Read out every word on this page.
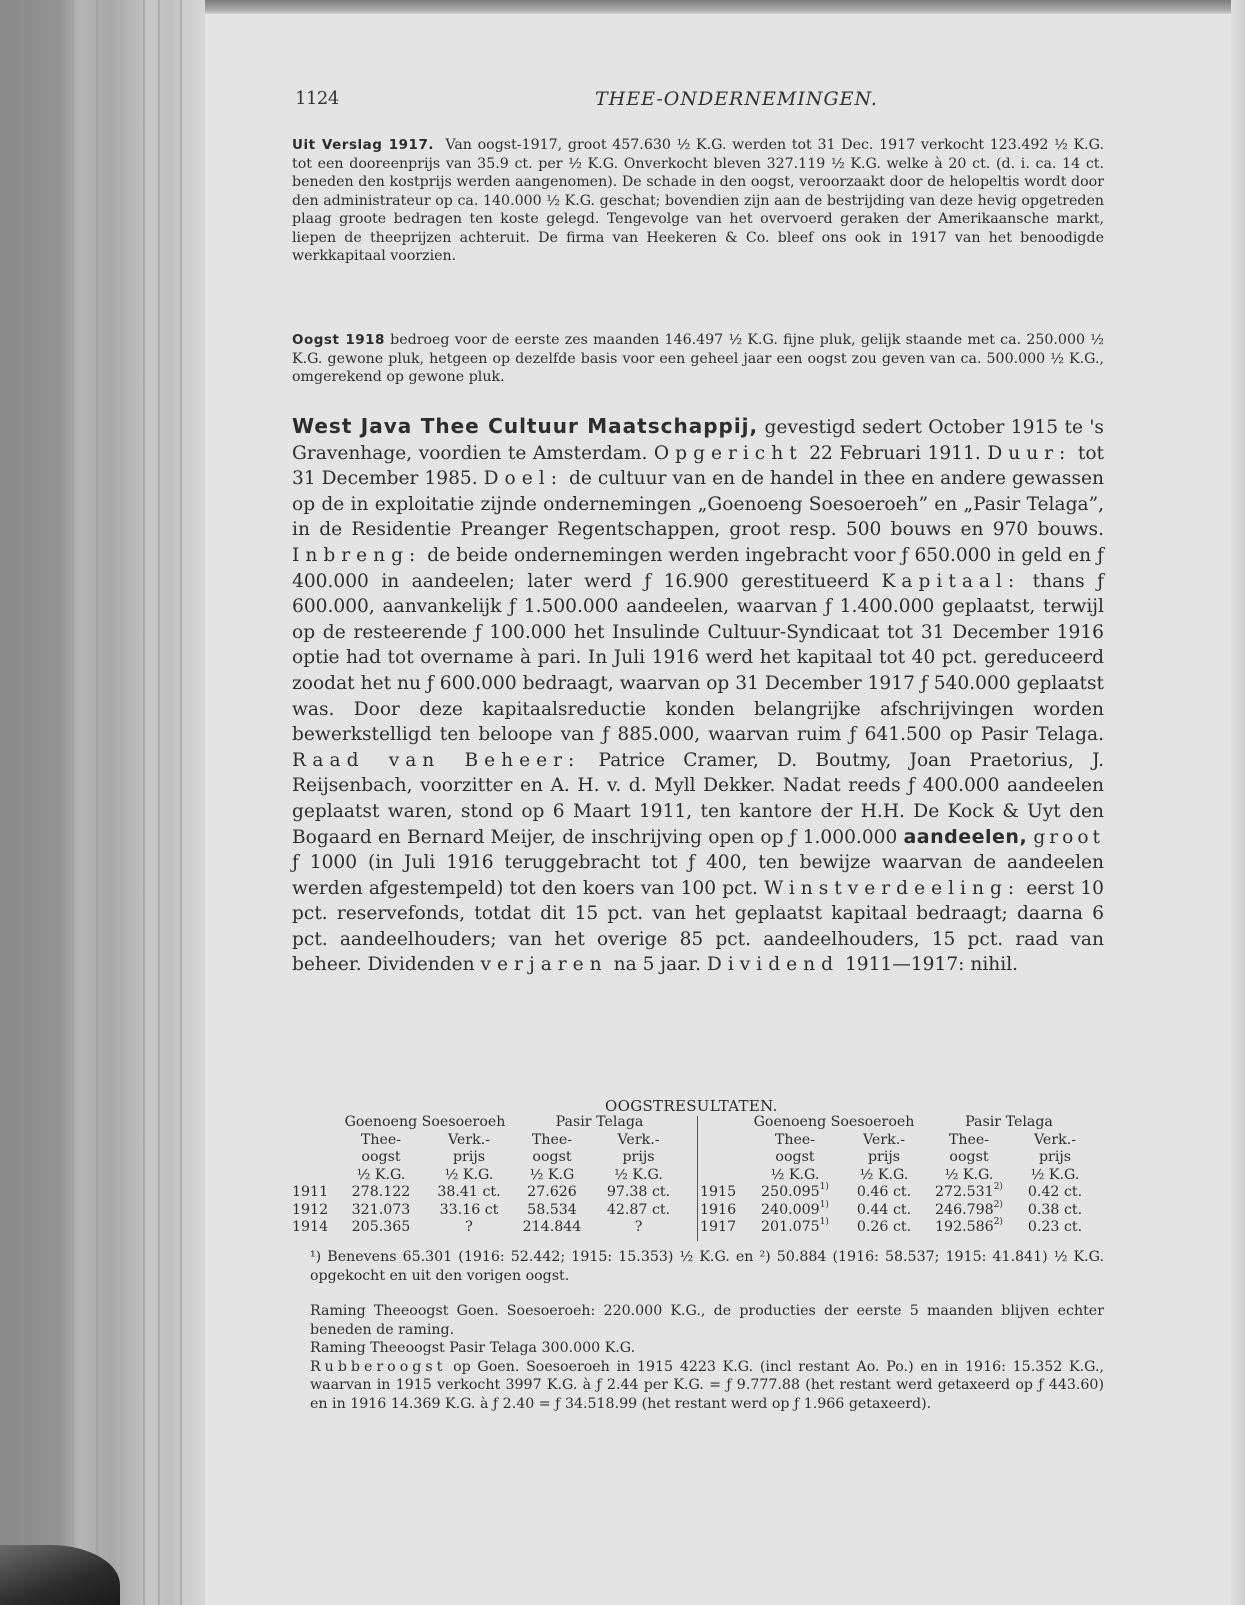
1124	THEE-ONDERNEMINGEN.

Uit Verslag 1917. Van oogst-1917, groot 457.630 ½ K.G. werden tot 31 Dec. 1917 verkocht 123.492 ½ K.G. tot een dooreenprijs van 35.9 ct. per ½ K.G. Onverkocht bleven 327.119 ½ K.G. welke à 20 ct. (d. i. ca. 14 ct. beneden den kostprijs werden aangenomen). De schade in den oogst, veroorzaakt door de helopeltis wordt door den administrateur op ca. 140.000 ½ K.G. geschat; bovendien zijn aan de bestrijding van deze hevig opgetreden plaag groote bedragen ten koste gelegd. Tengevolge van het overvoerd geraken der Amerikaansche markt, liepen de theeprijzen achteruit. De firma van Heekeren & Co. bleef ons ook in 1917 van het benoodigde werkkapitaal voorzien.

Oogst 1918 bedroeg voor de eerste zes maanden 146.497 ½ K.G. fijne pluk, gelijk staande met ca. 250.000 ½ K.G. gewone pluk, hetgeen op dezelfde basis voor een geheel jaar een oogst zou geven van ca. 500.000 ½ K.G., omgerekend op gewone pluk.

West Java Thee Cultuur Maatschappij, gevestigd sedert October 1915 te 's Gravenhage, voordien te Amsterdam. Opgericht 22 Februari 1911. Duur: tot 31 December 1985. Doel: de cultuur van en de handel in thee en andere gewassen op de in exploitatie zijnde ondernemingen „Goenoeng Soesoeroeh” en „Pasir Telaga”, in de Residentie Preanger Regentschappen, groot resp. 500 bouws en 970 bouws. Inbreng: de beide ondernemingen werden ingebracht voor ƒ 650.000 in geld en ƒ 400.000 in aandeelen; later werd ƒ 16.900 gerestitueerd Kapitaal: thans ƒ 600.000, aanvankelijk ƒ 1.500.000 aandeelen, waarvan ƒ 1.400.000 geplaatst, terwijl op de resteerende ƒ 100.000 het Insulinde Cultuur-Syndicaat tot 31 December 1916 optie had tot overname à pari. In Juli 1916 werd het kapitaal tot 40 pct. gereduceerd zoodat het nu ƒ 600.000 bedraagt, waarvan op 31 December 1917 ƒ 540.000 geplaatst was. Door deze kapitaalsreductie konden belangrijke afschrijvingen worden bewerkstelligd ten beloope van ƒ 885.000, waarvan ruim ƒ 641.500 op Pasir Telaga. Raad van Beheer: Patrice Cramer, D. Boutmy, Joan Praetorius, J. Reijsenbach, voorzitter en A. H. v. d. Myll Dekker. Nadat reeds ƒ 400.000 aandeelen geplaatst waren, stond op 6 Maart 1911, ten kantore der H.H. De Kock & Uyt den Bogaard en Bernard Meijer, de inschrijving open op ƒ 1.000.000 aandeelen, groot ƒ 1000 (in Juli 1916 teruggebracht tot ƒ 400, ten bewijze waarvan de aandeelen werden afgestempeld) tot den koers van 100 pct. Winstverdeeling: eerst 10 pct. reservefonds, totdat dit 15 pct. van het geplaatst kapitaal bedraagt; daarna 6 pct. aandeelhouders; van het overige 85 pct. aandeelhouders, 15 pct. raad van beheer. Dividenden verjaren na 5 jaar. Dividend 1911—1917: nihil.

OOGSTRESULTATEN.
	Goenoeng Soesoeroeh		Pasir Telaga	
	Thee-	Verk.-	Thee-	Verk.-
	oogst	prijs	oogst	prijs
	½ K.G.	½ K.G.	½ K.G	½ K.G.
1911	278.122	38.41 ct.	27.626	97.38 ct.
1912	321.073	33.16 ct	58.534	42.87 ct.
1914	205.365	?	214.844	?
	Goenoeng Soesoeroeh		Pasir Telaga	
	Thee-	Verk.-	Thee-	Verk.-
	oogst	prijs	oogst	prijs
	½ K.G.	½ K.G.	½ K.G.	½ K.G.
1915	250.095$^{1)}$	0.46 ct.	272.531$^{2)}$	0.42 ct.
1916	240.009$^{1)}$	0.44 ct.	246.798$^{2)}$	0.38 ct.
1917	201.075$^{1)}$	0.26 ct.	192.586$^{2)}$	0.23 ct.

¹) Benevens 65.301 (1916: 52.442; 1915: 15.353) ½ K.G. en ²) 50.884 (1916: 58.537; 1915: 41.841) ½ K.G. opgekocht en uit den vorigen oogst.

Raming Theeoogst Goen. Soesoeroeh: 220.000 K.G., de producties der eerste 5 maanden blijven echter beneden de raming.

Raming Theeoogst Pasir Telaga 300.000 K.G.

Rubberoogst op Goen. Soesoeroeh in 1915 4223 K.G. (incl restant Ao. Po.) en in 1916: 15.352 K.G., waarvan in 1915 verkocht 3997 K.G. à ƒ 2.44 per K.G. = ƒ 9.777.88 (het restant werd getaxeerd op ƒ 443.60) en in 1916 14.369 K.G. à ƒ 2.40 = ƒ 34.518.99 (het restant werd op ƒ 1.966 getaxeerd).
